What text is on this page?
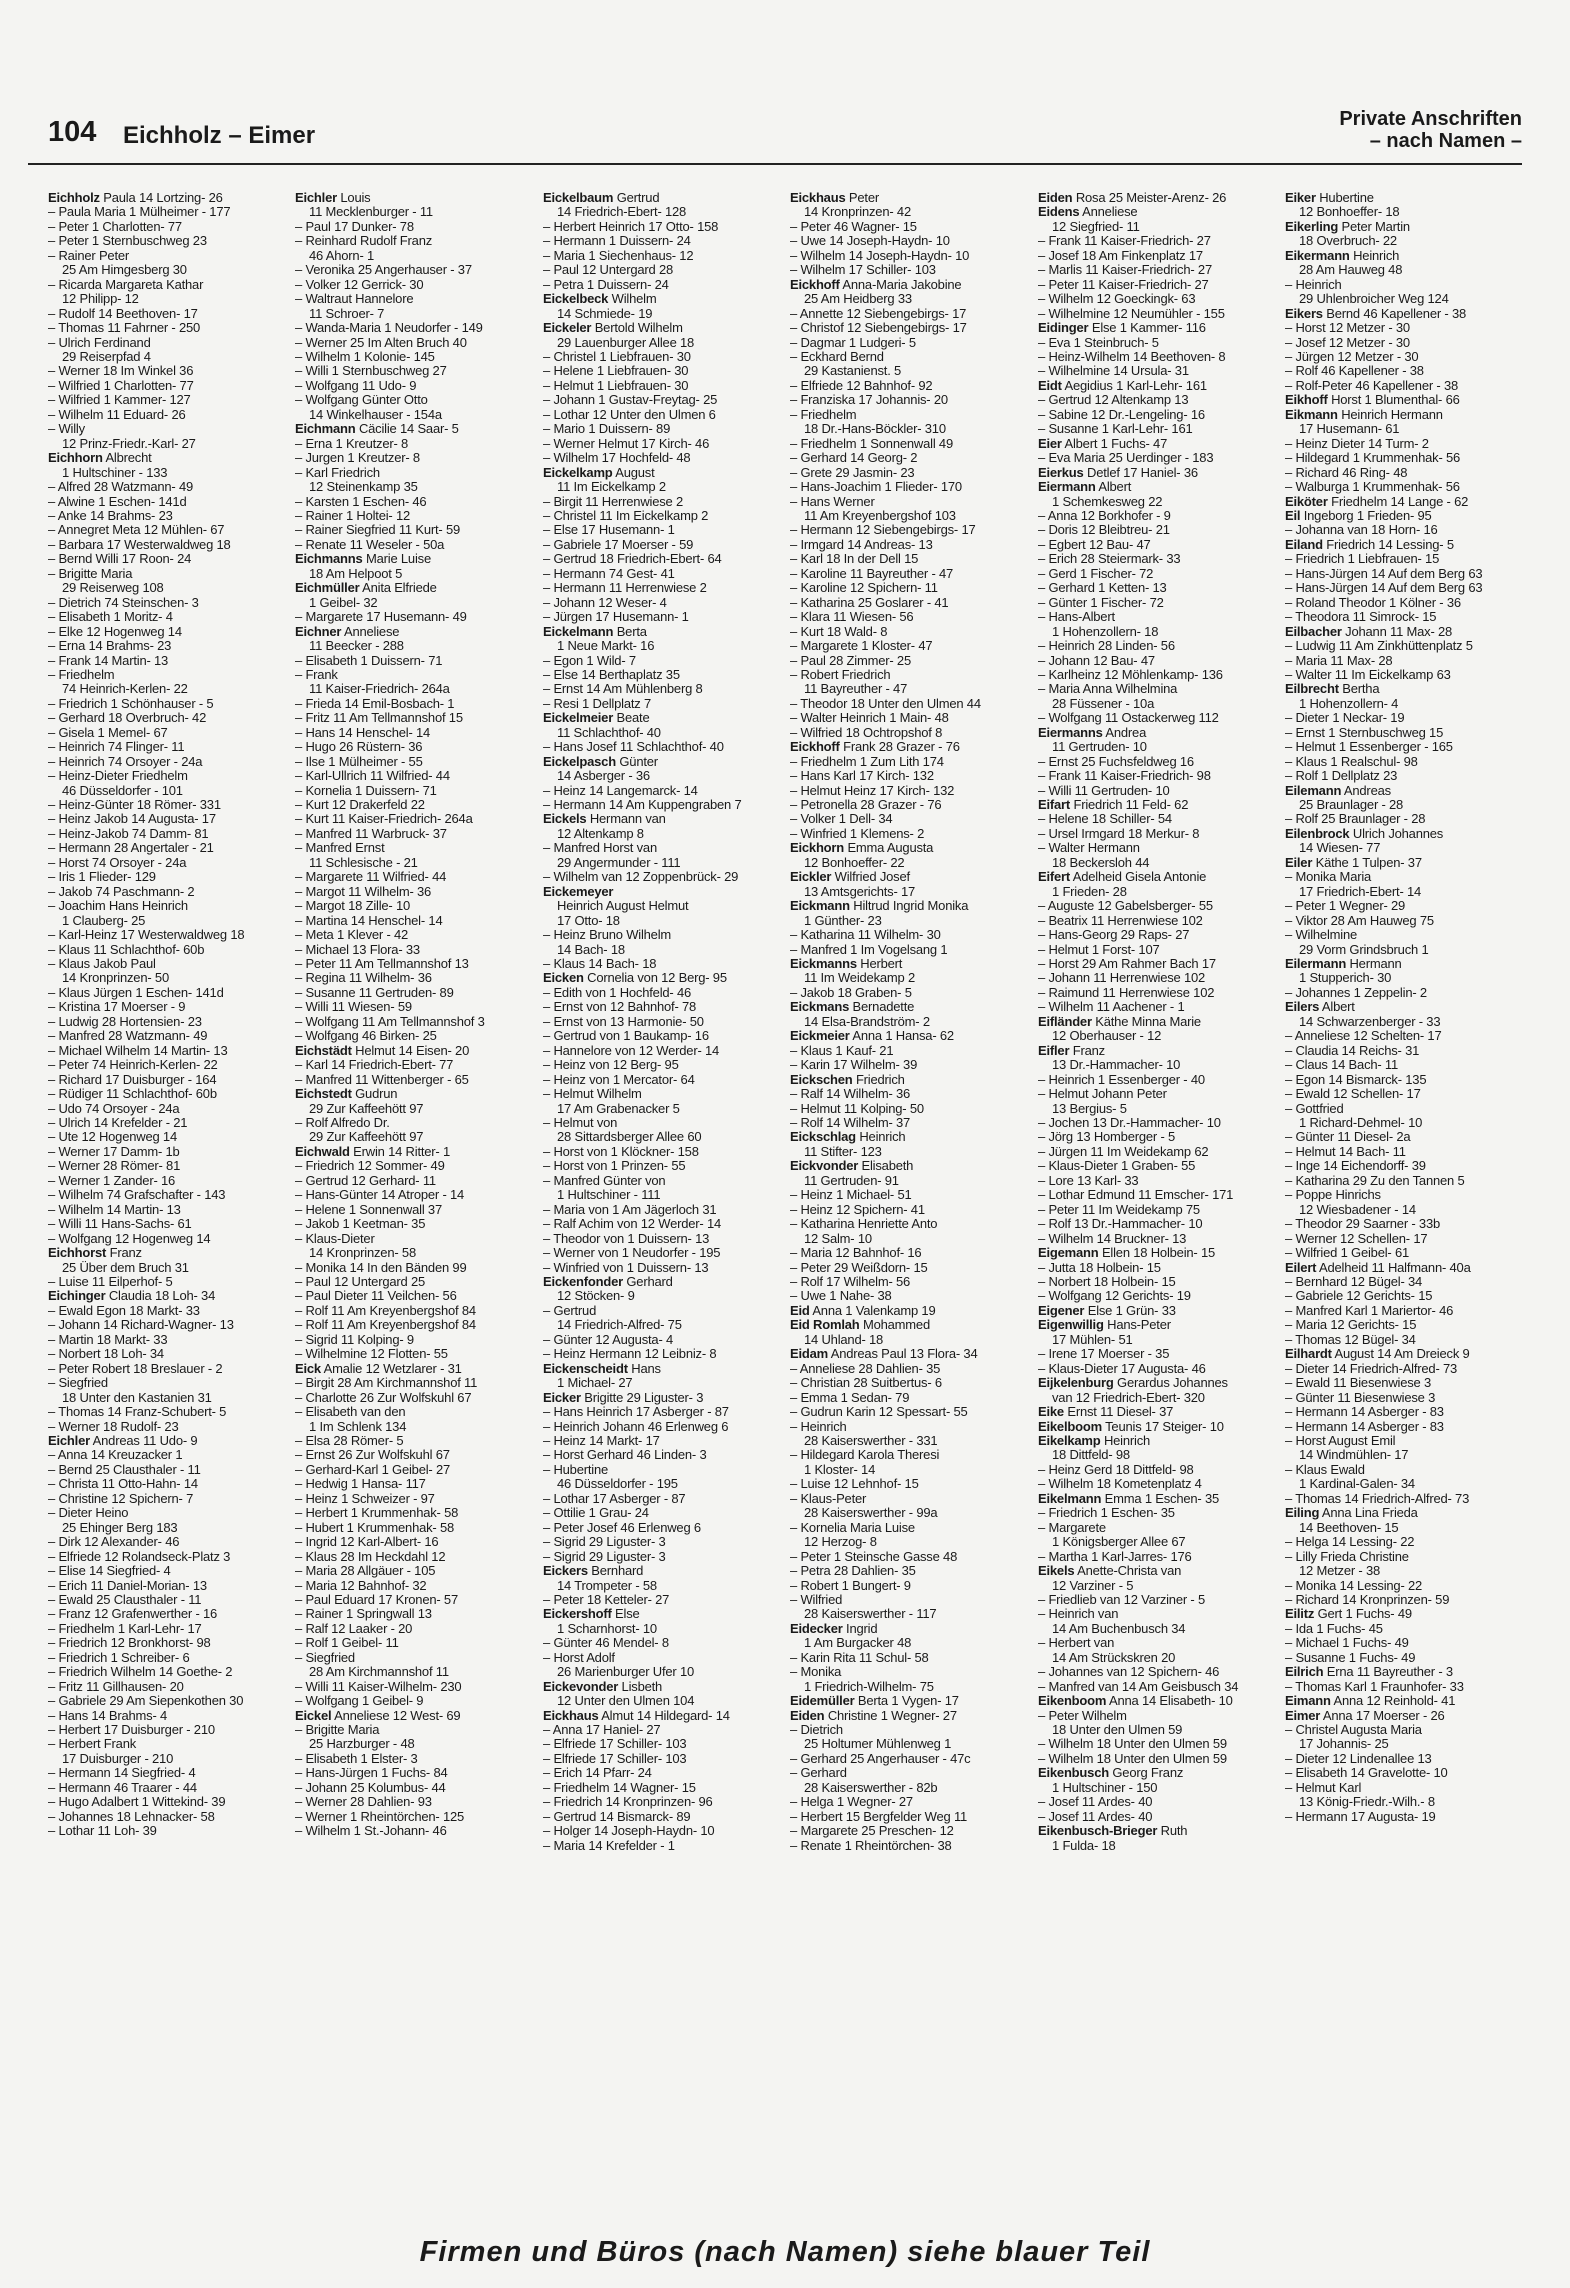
104 Eichholz – Eimer
Private Anschriften
– nach Namen –
Eichholz Paula 14 Lortzing- 26
– Paula Maria 1 Mülheimer - 177
– Peter 1 Charlotten- 77
– Peter 1 Sternbuschweg 23
– Rainer Peter
25 Am Himgesberg 30
– Ricarda Margareta Kathar
12 Philipp- 12
– Rudolf 14 Beethoven- 17
– Thomas 11 Fahrner - 250
– Ulrich Ferdinand
29 Reiserpfad 4
– Werner 18 Im Winkel 36
– Wilfried 1 Charlotten- 77
– Wilfried 1 Kammer- 127
– Wilhelm 11 Eduard- 26
– Willy
12 Prinz-Friedr.-Karl- 27
Eichhorn Albrecht
1 Hultschiner - 133
– Alfred 28 Watzmann- 49
– Alwine 1 Eschen- 141d
– Anke 14 Brahms- 23
– Annegret Meta 12 Mühlen- 67
– Barbara 17 Westerwaldweg 18
– Bernd Willi 17 Roon- 24
– Brigitte Maria
29 Reiserweg 108
– Dietrich 74 Steinschen- 3
– Elisabeth 1 Moritz- 4
– Elke 12 Hogenweg 14
– Erna 14 Brahms- 23
– Frank 14 Martin- 13
– Friedhelm
74 Heinrich-Kerlen- 22
– Friedrich 1 Schönhauser - 5
– Gerhard 18 Overbruch- 42
– Gisela 1 Memel- 67
– Heinrich 74 Flinger- 11
– Heinrich 74 Orsoyer - 24a
– Heinz-Dieter Friedhelm
46 Düsseldorfer - 101
– Heinz-Günter 18 Römer- 331
– Heinz Jakob 14 Augusta- 17
– Heinz-Jakob 74 Damm- 81
– Hermann 28 Angertaler - 21
– Horst 74 Orsoyer - 24a
– Iris 1 Flieder- 129
– Jakob 74 Paschmann- 2
– Joachim Hans Heinrich
1 Clauberg- 25
– Karl-Heinz 17 Westerwaldweg 18
– Klaus 11 Schlachthof- 60b
– Klaus Jakob Paul
14 Kronprinzen- 50
– Klaus Jürgen 1 Eschen- 141d
– Kristina 17 Moerser - 9
– Ludwig 28 Hortensien- 23
– Manfred 28 Watzmann- 49
– Michael Wilhelm 14 Martin- 13
– Peter 74 Heinrich-Kerlen- 22
– Richard 17 Duisburger - 164
– Rüdiger 11 Schlachthof- 60b
– Udo 74 Orsoyer - 24a
– Ulrich 14 Krefelder - 21
– Ute 12 Hogenweg 14
– Werner 17 Damm- 1b
– Werner 28 Römer- 81
– Werner 1 Zander- 16
– Wilhelm 74 Grafschafter - 143
– Wilhelm 14 Martin- 13
– Willi 11 Hans-Sachs- 61
– Wolfgang 12 Hogenweg 14
Eichhorst Franz
25 Über dem Bruch 31
– Luise 11 Eilperhof- 5
Eichinger Claudia 18 Loh- 34
– Ewald Egon 18 Markt- 33
– Johann 14 Richard-Wagner- 13
– Martin 18 Markt- 33
– Norbert 18 Loh- 34
– Peter Robert 18 Breslauer - 2
– Siegfried
18 Unter den Kastanien 31
– Thomas 14 Franz-Schubert- 5
– Werner 18 Rudolf- 23
Eichler Andreas 11 Udo- 9
– Anna 14 Kreuzacker 1
– Bernd 25 Clausthaler - 11
– Christa 11 Otto-Hahn- 14
– Christine 12 Spichern- 7
– Dieter Heino
25 Ehinger Berg 183
– Dirk 12 Alexander- 46
– Elfriede 12 Rolandseck-Platz 3
– Elise 14 Siegfried- 4
– Erich 11 Daniel-Morian- 13
– Ewald 25 Clausthaler - 11
– Franz 12 Grafenwerther - 16
– Friedhelm 1 Karl-Lehr- 17
– Friedrich 12 Bronkhorst- 98
– Friedrich 1 Schreiber- 6
– Friedrich Wilhelm 14 Goethe- 2
– Fritz 11 Gillhausen- 20
– Gabriele 29 Am Siepenkothen 30
– Hans 14 Brahms- 4
– Herbert 17 Duisburger - 210
– Herbert Frank
17 Duisburger - 210
– Hermann 14 Siegfried- 4
– Hermann 46 Traarer - 44
– Hugo Adalbert 1 Wittekind- 39
– Johannes 18 Lehnacker- 58
– Lothar 11 Loh- 39
Eichler Louis
11 Mecklenburger - 11
– Paul 17 Dunker- 78
– Reinhard Rudolf Franz
46 Ahorn- 1
– Veronika 25 Angerhauser - 37
– Volker 12 Gerrick- 30
– Waltraut Hannelore
11 Schroer- 7
– Wanda-Maria 1 Neudorfer - 149
– Werner 25 Im Alten Bruch 40
– Wilhelm 1 Kolonie- 145
– Willi 1 Sternbuschweg 27
– Wolfgang 11 Udo- 9
– Wolfgang Günter Otto
14 Winkelhauser - 154a
Eichmann Cäcilie 14 Saar- 5
– Erna 1 Kreutzer- 8
– Jurgen 1 Kreutzer- 8
– Karl Friedrich
12 Steinenkamp 35
– Karsten 1 Eschen- 46
– Rainer 1 Holtei- 12
– Rainer Siegfried 11 Kurt- 59
– Renate 11 Weseler - 50a
Eichmanns Marie Luise
18 Am Helpoot 5
Eichmüller Anita Elfriede
1 Geibel- 32
– Margarete 17 Husemann- 49
Eichner Anneliese
11 Beecker - 288
– Elisabeth 1 Duissern- 71
– Frank
11 Kaiser-Friedrich- 264a
– Frieda 14 Emil-Bosbach- 1
– Fritz 11 Am Tellmannshof 15
– Hans 14 Henschel- 14
– Hugo 26 Rüstern- 36
– Ilse 1 Mülheimer - 55
– Karl-Ullrich 11 Wilfried- 44
– Kornelia 1 Duissern- 71
– Kurt 12 Drakerfeld 22
– Kurt 11 Kaiser-Friedrich- 264a
– Manfred 11 Warbruck- 37
– Manfred Ernst
11 Schlesische - 21
– Margarete 11 Wilfried- 44
– Margot 11 Wilhelm- 36
– Margot 18 Zille- 10
– Martina 14 Henschel- 14
– Meta 1 Klever - 42
– Michael 13 Flora- 33
– Peter 11 Am Tellmannshof 13
– Regina 11 Wilhelm- 36
– Susanne 11 Gertruden- 89
– Willi 11 Wiesen- 59
– Wolfgang 11 Am Tellmannshof 3
– Wolfgang 46 Birken- 25
Eichstädt Helmut 14 Eisen- 20
– Karl 14 Friedrich-Ebert- 77
– Manfred 11 Wittenberger - 65
Eichstedt Gudrun
29 Zur Kaffeehött 97
– Rolf Alfredo Dr.
29 Zur Kaffeehött 97
Eichwald Erwin 14 Ritter- 1
– Friedrich 12 Sommer- 49
– Gertrud 12 Gerhard- 11
– Hans-Günter 14 Atroper - 14
– Helene 1 Sonnenwall 37
– Jakob 1 Keetman- 35
– Klaus-Dieter
14 Kronprinzen- 58
– Monika 14 In den Bänden 99
– Paul 12 Untergard 25
– Paul Dieter 11 Veilchen- 56
– Rolf 11 Am Kreyenbergshof 84
– Rolf 11 Am Kreyenbergshof 84
– Sigrid 11 Kolping- 9
– Wilhelmine 12 Flotten- 55
Eick Amalie 12 Wetzlarer - 31
– Birgit 28 Am Kirchmannshof 11
– Charlotte 26 Zur Wolfskuhl 67
– Elisabeth van den
1 Im Schlenk 134
– Elsa 28 Römer- 5
– Ernst 26 Zur Wolfskuhl 67
– Gerhard-Karl 1 Geibel- 27
– Hedwig 1 Hansa- 117
– Heinz 1 Schweizer - 97
– Herbert 1 Krummenhak- 58
– Hubert 1 Krummenhak- 58
– Ingrid 12 Karl-Albert- 16
– Klaus 28 Im Heckdahl 12
– Maria 28 Allgäuer - 105
– Maria 12 Bahnhof- 32
– Paul Eduard 17 Kronen- 57
– Rainer 1 Springwall 13
– Ralf 12 Laaker - 20
– Rolf 1 Geibel- 11
– Siegfried
28 Am Kirchmannshof 11
– Willi 11 Kaiser-Wilhelm- 230
– Wolfgang 1 Geibel- 9
Eickel Anneliese 12 West- 69
– Brigitte Maria
25 Harzburger - 48
– Elisabeth 1 Elster- 3
– Hans-Jürgen 1 Fuchs- 84
– Johann 25 Kolumbus- 44
– Werner 28 Dahlien- 93
– Werner 1 Rheintörchen- 125
– Wilhelm 1 St.-Johann- 46
Eickelbaum Gertrud
14 Friedrich-Ebert- 128
– Herbert Heinrich 17 Otto- 158
– Hermann 1 Duissern- 24
– Maria 1 Siechenhaus- 12
– Paul 12 Untergard 28
– Petra 1 Duissern- 24
Eickelbeck Wilhelm
14 Schmiede- 19
Eickeler Bertold Wilhelm
29 Lauenburger Allee 18
– Christel 1 Liebfrauen- 30
– Helene 1 Liebfrauen- 30
– Helmut 1 Liebfrauen- 30
– Johann 1 Gustav-Freytag- 25
– Lothar 12 Unter den Ulmen 6
– Mario 1 Duissern- 89
– Werner Helmut 17 Kirch- 46
– Wilhelm 17 Hochfeld- 48
Eickelkamp August
11 Im Eickelkamp 2
– Birgit 11 Herrenwiese 2
– Christel 11 Im Eickelkamp 2
– Else 17 Husemann- 1
– Gabriele 17 Moerser - 59
– Gertrud 18 Friedrich-Ebert- 64
– Hermann 74 Gest- 41
– Hermann 11 Herrenwiese 2
– Johann 12 Weser- 4
– Jürgen 17 Husemann- 1
Eickelmann Berta
1 Neue Markt- 16
– Egon 1 Wild- 7
– Else 14 Berthaplatz 35
– Ernst 14 Am Mühlenberg 8
– Resi 1 Dellplatz 7
Eickelmeier Beate
11 Schlachthof- 40
– Hans Josef 11 Schlachthof- 40
Eickelpasch Günter
14 Asberger - 36
– Heinz 14 Langemarck- 14
– Hermann 14 Am Kuppengraben 7
Eickels Hermann van
12 Altenkamp 8
– Manfred Horst van
29 Angermunder - 111
– Wilhelm van 12 Zoppenbrück- 29
Eickemeyer
Heinrich August Helmut
17 Otto- 18
– Heinz Bruno Wilhelm
14 Bach- 18
– Klaus 14 Bach- 18
Eicken Cornelia von 12 Berg- 95
– Edith von 1 Hochfeld- 46
– Ernst von 12 Bahnhof- 78
– Ernst von 13 Harmonie- 50
– Gertrud von 1 Baukamp- 16
– Hannelore von 12 Werder- 14
– Heinz von 12 Berg- 95
– Heinz von 1 Mercator- 64
– Helmut Wilhelm
17 Am Grabenacker 5
– Helmut von
28 Sittardsberger Allee 60
– Horst von 1 Klöckner- 158
– Horst von 1 Prinzen- 55
– Manfred Günter von
1 Hultschiner - 111
– Maria von 1 Am Jägerloch 31
– Ralf Achim von 12 Werder- 14
– Theodor von 1 Duissern- 13
– Werner von 1 Neudorfer - 195
– Winfried von 1 Duissern- 13
Eickenfonder Gerhard
12 Stöcken- 9
– Gertrud
14 Friedrich-Alfred- 75
– Günter 12 Augusta- 4
– Heinz Hermann 12 Leibniz- 8
Eickenscheidt Hans
1 Michael- 27
Eicker Brigitte 29 Liguster- 3
– Hans Heinrich 17 Asberger - 87
– Heinrich Johann 46 Erlenweg 6
– Heinz 14 Markt- 17
– Horst Gerhard 46 Linden- 3
– Hubertine
46 Düsseldorfer - 195
– Lothar 17 Asberger - 87
– Ottilie 1 Grau- 24
– Peter Josef 46 Erlenweg 6
– Sigrid 29 Liguster- 3
– Sigrid 29 Liguster- 3
Eickers Bernhard
14 Trompeter - 58
– Peter 18 Ketteler- 27
Eickershoff Else
1 Scharnhorst- 10
– Günter 46 Mendel- 8
– Horst Adolf
26 Marienburger Ufer 10
Eickevonder Lisbeth
12 Unter den Ulmen 104
Eickhaus Almut 14 Hildegard- 14
– Anna 17 Haniel- 27
– Elfriede 17 Schiller- 103
– Elfriede 17 Schiller- 103
– Erich 14 Pfarr- 24
– Friedhelm 14 Wagner- 15
– Friedrich 14 Kronprinzen- 96
– Gertrud 14 Bismarck- 89
– Holger 14 Joseph-Haydn- 10
– Maria 14 Krefelder - 1
Eickhaus Peter
14 Kronprinzen- 42
– Peter 46 Wagner- 15
– Uwe 14 Joseph-Haydn- 10
– Wilhelm 14 Joseph-Haydn- 10
– Wilhelm 17 Schiller- 103
Eickhoff Anna-Maria Jakobine
25 Am Heidberg 33
– Annette 12 Siebengebirgs- 17
– Christof 12 Siebengebirgs- 17
– Dagmar 1 Ludgeri- 5
– Eckhard Bernd
29 Kastanienst. 5
– Elfriede 12 Bahnhof- 92
– Franziska 17 Johannis- 20
– Friedhelm
18 Dr.-Hans-Böckler- 310
– Friedhelm 1 Sonnenwall 49
– Gerhard 14 Georg- 2
– Grete 29 Jasmin- 23
– Hans-Joachim 1 Flieder- 170
– Hans Werner
11 Am Kreyenbergshof 103
– Hermann 12 Siebengebirgs- 17
– Irmgard 14 Andreas- 13
– Karl 18 In der Dell 15
– Karoline 11 Bayreuther - 47
– Karoline 12 Spichern- 11
– Katharina 25 Goslarer - 41
– Klara 11 Wiesen- 56
– Kurt 18 Wald- 8
– Margarete 1 Kloster- 47
– Paul 28 Zimmer- 25
– Robert Friedrich
11 Bayreuther - 47
– Theodor 18 Unter den Ulmen 44
– Walter Heinrich 1 Main- 48
– Wilfried 18 Ochtropshof 8
Eickhoff Frank 28 Grazer - 76
– Friedhelm 1 Zum Lith 174
– Hans Karl 17 Kirch- 132
– Helmut Heinz 17 Kirch- 132
– Petronella 28 Grazer - 76
– Volker 1 Dell- 34
– Winfried 1 Klemens- 2
Eickhorn Emma Augusta
12 Bonhoeffer- 22
Eickler Wilfried Josef
13 Amtsgerichts- 17
Eickmann Hiltrud Ingrid Monika
1 Günther- 23
– Katharina 11 Wilhelm- 30
– Manfred 1 Im Vogelsang 1
Eickmanns Herbert
11 Im Weidekamp 2
– Jakob 18 Graben- 5
Eickmans Bernadette
14 Elsa-Brandström- 2
Eickmeier Anna 1 Hansa- 62
– Klaus 1 Kauf- 21
– Karin 17 Wilhelm- 39
Eickschen Friedrich
– Ralf 14 Wilhelm- 36
– Helmut 11 Kolping- 50
– Rolf 14 Wilhelm- 37
Eickschlag Heinrich
11 Stifter- 123
Eickvonder Elisabeth
11 Gertruden- 91
– Heinz 1 Michael- 51
– Heinz 12 Spichern- 41
– Katharina Henriette Anto
12 Salm- 10
– Maria 12 Bahnhof- 16
– Peter 29 Weißdorn- 15
– Rolf 17 Wilhelm- 56
– Uwe 1 Nahe- 38
Eid Anna 1 Valenkamp 19
Eid Romlah Mohammed
14 Uhland- 18
Eidam Andreas Paul 13 Flora- 34
– Anneliese 28 Dahlien- 35
– Christian 28 Suitbertus- 6
– Emma 1 Sedan- 79
– Gudrun Karin 12 Spessart- 55
– Heinrich
28 Kaiserswerther - 331
– Hildegard Karola Theresi
1 Kloster- 14
– Luise 12 Lehnhof- 15
– Klaus-Peter
28 Kaiserswerther - 99a
– Kornelia Maria Luise
12 Herzog- 8
– Peter 1 Steinsche Gasse 48
– Petra 28 Dahlien- 35
– Robert 1 Bungert- 9
– Wilfried
28 Kaiserswerther - 117
Eidecker Ingrid
1 Am Burgacker 48
– Karin Rita 11 Schul- 58
– Monika
1 Friedrich-Wilhelm- 75
Eidemüller Berta 1 Vygen- 17
Eiden Christine 1 Wegner- 27
– Dietrich
25 Holtumer Mühlenweg 1
– Gerhard 25 Angerhauser - 47c
– Gerhard
28 Kaiserswerther - 82b
– Helga 1 Wegner- 27
– Herbert 15 Bergfelder Weg 11
– Margarete 25 Preschen- 12
– Renate 1 Rheintörchen- 38
Eiden Rosa 25 Meister-Arenz- 26
Eidens Anneliese
12 Siegfried- 11
– Frank 11 Kaiser-Friedrich- 27
– Josef 18 Am Finkenplatz 17
– Marlis 11 Kaiser-Friedrich- 27
– Peter 11 Kaiser-Friedrich- 27
– Wilhelm 12 Goeckingk- 63
– Wilhelmine 12 Neumühler - 155
Eidinger Else 1 Kammer- 116
– Eva 1 Steinbruch- 5
– Heinz-Wilhelm 14 Beethoven- 8
– Wilhelmine 14 Ursula- 31
Eidt Aegidius 1 Karl-Lehr- 161
– Gertrud 12 Altenkamp 13
– Sabine 12 Dr.-Lengeling- 16
– Susanne 1 Karl-Lehr- 161
Eier Albert 1 Fuchs- 47
– Eva Maria 25 Uerdinger - 183
Eierkus Detlef 17 Haniel- 36
Eiermann Albert
1 Schemkesweg 22
– Anna 12 Borkhofer - 9
– Doris 12 Bleibtreu- 21
– Egbert 12 Bau- 47
– Erich 28 Steiermark- 33
– Gerd 1 Fischer- 72
– Gerhard 1 Ketten- 13
– Günter 1 Fischer- 72
– Hans-Albert
1 Hohenzollern- 18
– Heinrich 28 Linden- 56
– Johann 12 Bau- 47
– Karlheinz 12 Möhlenkamp- 136
– Maria Anna Wilhelmina
28 Füssener - 10a
– Wolfgang 11 Ostackerweg 112
Eiermanns Andrea
11 Gertruden- 10
– Ernst 25 Fuchsfeldweg 16
– Frank 11 Kaiser-Friedrich- 98
– Willi 11 Gertruden- 10
Eifart Friedrich 11 Feld- 62
– Helene 18 Schiller- 54
– Ursel Irmgard 18 Merkur- 8
– Walter Hermann
18 Beckersloh 44
Eifert Adelheid Gisela Antonie
1 Frieden- 28
– Auguste 12 Gabelsberger- 55
– Beatrix 11 Herrenwiese 102
– Hans-Georg 29 Raps- 27
– Helmut 1 Forst- 107
– Horst 29 Am Rahmer Bach 17
– Johann 11 Herrenwiese 102
– Raimund 11 Herrenwiese 102
– Wilhelm 11 Aachener - 1
Eifländer Käthe Minna Marie
12 Oberhauser - 12
Eifler Franz
13 Dr.-Hammacher- 10
– Heinrich 1 Essenberger - 40
– Helmut Johann Peter
13 Bergius- 5
– Jochen 13 Dr.-Hammacher- 10
– Jörg 13 Homberger - 5
– Jürgen 11 Im Weidekamp 62
– Klaus-Dieter 1 Graben- 55
– Lore 13 Karl- 33
– Lothar Edmund 11 Emscher- 171
– Peter 11 Im Weidekamp 75
– Rolf 13 Dr.-Hammacher- 10
– Wilhelm 14 Bruckner- 13
Eigemann Ellen 18 Holbein- 15
– Jutta 18 Holbein- 15
– Norbert 18 Holbein- 15
– Wolfgang 12 Gerichts- 19
Eigener Else 1 Grün- 33
Eigenwillig Hans-Peter
17 Mühlen- 51
– Irene 17 Moerser - 35
– Klaus-Dieter 17 Augusta- 46
Eijkelenburg Gerardus Johannes
van 12 Friedrich-Ebert- 320
Eike Ernst 11 Diesel- 37
Eikelboom Teunis 17 Steiger- 10
Eikelkamp Heinrich
18 Dittfeld- 98
– Heinz Gerd 18 Dittfeld- 98
– Wilhelm 18 Kometenplatz 4
Eikelmann Emma 1 Eschen- 35
– Friedrich 1 Eschen- 35
– Margarete
1 Königsberger Allee 67
– Martha 1 Karl-Jarres- 176
Eikels Anette-Christa van
12 Varziner - 5
– Friedlieb van 12 Varziner - 5
– Heinrich van
14 Am Buchenbusch 34
– Herbert van
14 Am Strückskren 20
– Johannes van 12 Spichern- 46
– Manfred van 14 Am Geisbusch 34
Eikenboom Anna 14 Elisabeth- 10
– Peter Wilhelm
18 Unter den Ulmen 59
– Wilhelm 18 Unter den Ulmen 59
– Wilhelm 18 Unter den Ulmen 59
Eikenbusch Georg Franz
1 Hultschiner - 150
– Josef 11 Ardes- 40
– Josef 11 Ardes- 40
Eikenbusch-Brieger Ruth
1 Fulda- 18
Eiker Hubertine
12 Bonhoeffer- 18
Eikerling Peter Martin
18 Overbruch- 22
Eikermann Heinrich
28 Am Hauweg 48
– Heinrich
29 Uhlenbroicher Weg 124
Eikers Bernd 46 Kapellener - 38
– Horst 12 Metzer - 30
– Josef 12 Metzer - 30
– Jürgen 12 Metzer - 30
– Rolf 46 Kapellener - 38
– Rolf-Peter 46 Kapellener - 38
Eikhoff Horst 1 Blumenthal- 66
Eikmann Heinrich Hermann
17 Husemann- 61
– Heinz Dieter 14 Turm- 2
– Hildegard 1 Krummenhak- 56
– Richard 46 Ring- 48
– Walburga 1 Krummenhak- 56
Eiköter Friedhelm 14 Lange - 62
Eil Ingeborg 1 Frieden- 95
– Johanna van 18 Horn- 16
Eiland Friedrich 14 Lessing- 5
– Friedrich 1 Liebfrauen- 15
– Hans-Jürgen 14 Auf dem Berg 63
– Hans-Jürgen 14 Auf dem Berg 63
– Roland Theodor 1 Kölner - 36
– Theodora 11 Simrock- 15
Eilbacher Johann 11 Max- 28
– Ludwig 11 Am Zinkhüttenplatz 5
– Maria 11 Max- 28
– Walter 11 Im Eickelkamp 63
Eilbrecht Bertha
1 Hohenzollern- 4
– Dieter 1 Neckar- 19
– Ernst 1 Sternbuschweg 15
– Helmut 1 Essenberger - 165
– Klaus 1 Realschul- 98
– Rolf 1 Dellplatz 23
Eilemann Andreas
25 Braunlager - 28
– Rolf 25 Braunlager - 28
Eilenbrock Ulrich Johannes
14 Wiesen- 77
Eiler Käthe 1 Tulpen- 37
– Monika Maria
17 Friedrich-Ebert- 14
– Peter 1 Wegner- 29
– Viktor 28 Am Hauweg 75
– Wilhelmine
29 Vorm Grindsbruch 1
Eilermann Hermann
1 Stupperich- 30
– Johannes 1 Zeppelin- 2
Eilers Albert
14 Schwarzenberger - 33
– Anneliese 12 Schelten- 17
– Claudia 14 Reichs- 31
– Claus 14 Bach- 11
– Egon 14 Bismarck- 135
– Ewald 12 Schellen- 17
– Gottfried
1 Richard-Dehmel- 10
– Günter 11 Diesel- 2a
– Helmut 14 Bach- 11
– Inge 14 Eichendorff- 39
– Katharina 29 Zu den Tannen 5
– Poppe Hinrichs
12 Wiesbadener - 14
– Theodor 29 Saarner - 33b
– Werner 12 Schellen- 17
– Wilfried 1 Geibel- 61
Eilert Adelheid 11 Halfmann- 40a
– Bernhard 12 Bügel- 34
– Gabriele 12 Gerichts- 15
– Manfred Karl 1 Mariertor- 46
– Maria 12 Gerichts- 15
– Thomas 12 Bügel- 34
Eilhardt August 14 Am Dreieck 9
– Dieter 14 Friedrich-Alfred- 73
– Ewald 11 Biesenwiese 3
– Günter 11 Biesenwiese 3
– Hermann 14 Asberger - 83
– Hermann 14 Asberger - 83
– Horst August Emil
14 Windmühlen- 17
– Klaus Ewald
1 Kardinal-Galen- 34
– Thomas 14 Friedrich-Alfred- 73
Eiling Anna Lina Frieda
14 Beethoven- 15
– Helga 14 Lessing- 22
– Lilly Frieda Christine
12 Metzer - 38
– Monika 14 Lessing- 22
– Richard 14 Kronprinzen- 59
Eilitz Gert 1 Fuchs- 49
– Ida 1 Fuchs- 45
– Michael 1 Fuchs- 49
– Susanne 1 Fuchs- 49
Eilrich Erna 11 Bayreuther - 3
– Thomas Karl 1 Fraunhofer- 33
Eimann Anna 12 Reinhold- 41
Eimer Anna 17 Moerser - 26
– Christel Augusta Maria
17 Johannis- 25
– Dieter 12 Lindenallee 13
– Elisabeth 14 Gravelotte- 10
– Helmut Karl
13 König-Friedr.-Wilh.- 8
– Hermann 17 Augusta- 19
Firmen und Büros (nach Namen) siehe blauer Teil
